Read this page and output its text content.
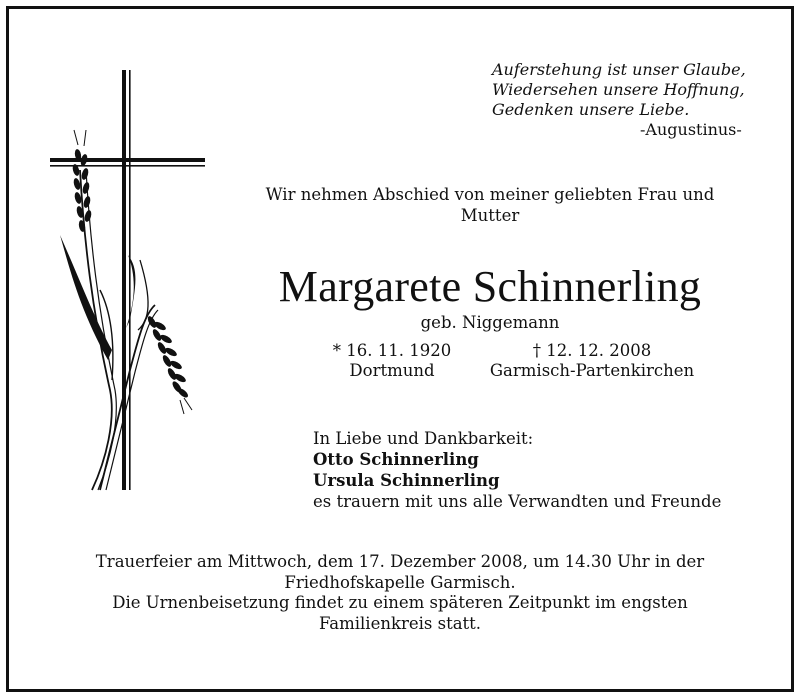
Auferstehung ist unser Glaube,
Wiedersehen unsere Hoffnung,
Gedenken unsere Liebe.
-Augustinus-
Wir nehmen Abschied von meiner geliebten Frau und
Mutter
Margarete Schinnerling
geb. Niggemann
* 16. 11. 1920
Dortmund
† 12. 12. 2008
Garmisch-Partenkirchen
In Liebe und Dankbarkeit:
Otto Schinnerling
Ursula Schinnerling
es trauern mit uns alle Verwandten und Freunde
Trauerfeier am Mittwoch, dem 17. Dezember 2008, um 14.30 Uhr in der
Friedhofskapelle Garmisch.
Die Urnenbeisetzung findet zu einem späteren Zeitpunkt im engsten
Familienkreis statt.
